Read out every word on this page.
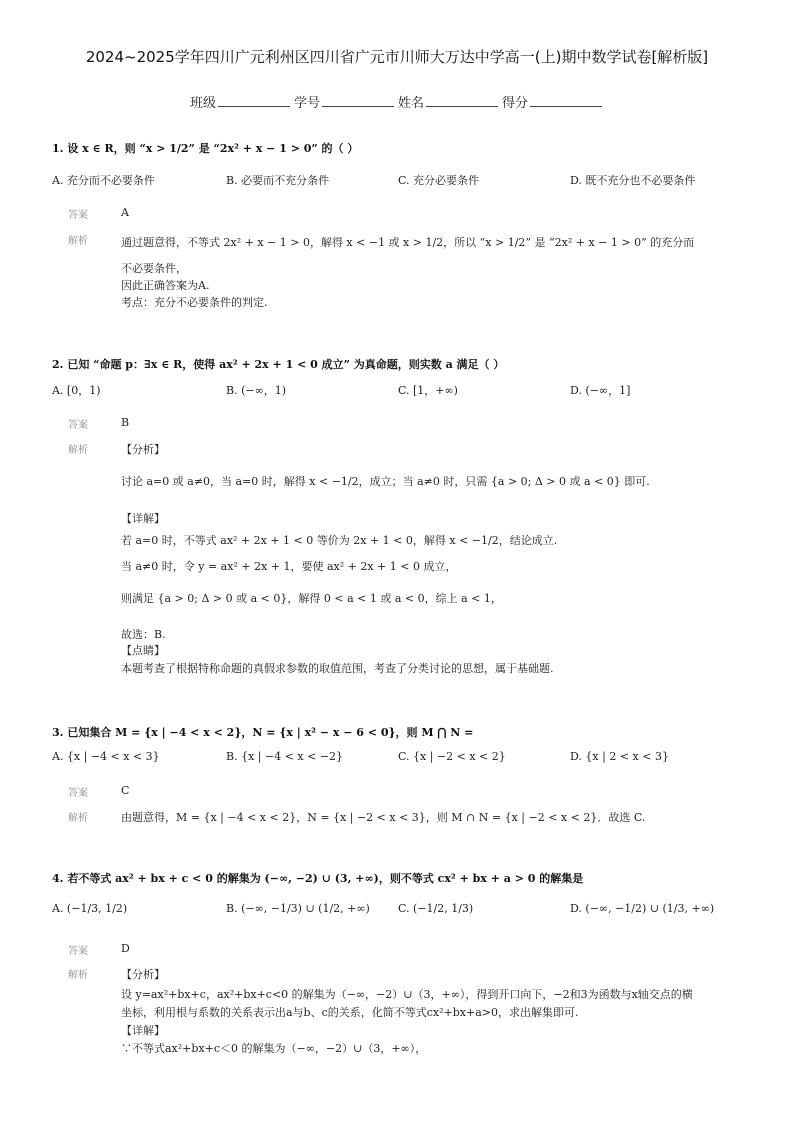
2024~2025学年四川广元利州区四川省广元市川师大万达中学高一(上)期中数学试卷[解析版]
班级	学号	姓名	得分
1. 设 x ∈ R，则 “x > 1/2” 是 “2x² + x − 1 > 0” 的（ ）
A. 充分而不必要条件	B. 必要而不充分条件	C. 充分必要条件	D. 既不充分也不必要条件
答案	A
解析	通过题意得，不等式 2x² + x − 1 > 0，解得 x < −1 或 x > 1/2，所以 “x > 1/2” 是 “2x² + x − 1 > 0” 的充分而
不必要条件，
因此正确答案为A.
考点：充分不必要条件的判定.
2. 已知 “命题 p：∃x ∈ R，使得 ax² + 2x + 1 < 0 成立” 为真命题，则实数 a 满足（ ）
A. [0，1)	B. (−∞，1)	C. [1，+∞)	D. (−∞，1]
答案	B
解析	【分析】
讨论 a=0 或 a≠0，当 a=0 时，解得 x < −1/2，成立；当 a≠0 时，只需 {a > 0; Δ > 0 或 a < 0} 即可.
【详解】
若 a=0 时，不等式 ax² + 2x + 1 < 0 等价为 2x + 1 < 0，解得 x < −1/2，结论成立.
当 a≠0 时，令 y = ax² + 2x + 1，要使 ax² + 2x + 1 < 0 成立，
则满足 {a > 0; Δ > 0 或 a < 0}，解得 0 < a < 1 或 a < 0，综上 a < 1，
故选：B.
【点睛】
本题考查了根据特称命题的真假求参数的取值范围，考查了分类讨论的思想，属于基础题.
3. 已知集合 M = {x | −4 < x < 2}，N = {x | x² − x − 6 < 0}，则 M ⋂ N =
A. {x | −4 < x < 3}	B. {x | −4 < x < −2}	C. {x | −2 < x < 2}	D. {x | 2 < x < 3}
答案	C
解析	由题意得，M = {x | −4 < x < 2}，N = {x | −2 < x < 3}，则 M ∩ N = {x | −2 < x < 2}．故选 C.
4. 若不等式 ax² + bx + c < 0 的解集为 (−∞, −2) ∪ (3, +∞)，则不等式 cx² + bx + a > 0 的解集是
A. (−1/3, 1/2)	B. (−∞, −1/3) ∪ (1/2, +∞)	C. (−1/2, 1/3)	D. (−∞, −1/2) ∪ (1/3, +∞)
答案	D
解析	【分析】
设 y=ax²+bx+c，ax²+bx+c<0 的解集为（−∞，−2）∪（3，+∞），得到开口向下，−2和3为函数与x轴交点的横
坐标，利用根与系数的关系表示出a与b、c的关系，化简不等式cx²+bx+a>0，求出解集即可.
【详解】
∵不等式ax²+bx+c＜0 的解集为（−∞，−2）∪（3，+∞），
